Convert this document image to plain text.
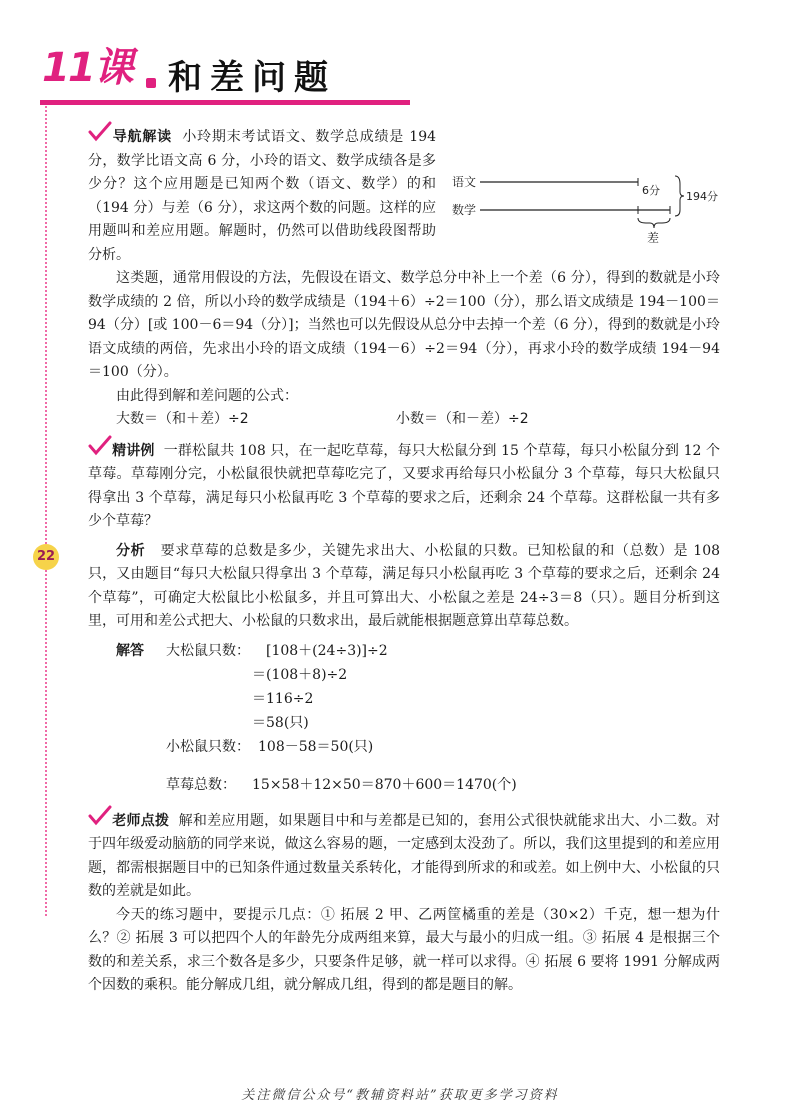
11课	和差问题
22

导航解读 小玲期末考试语文、数学总成绩是 194 分，数学比语文高 6 分，小玲的语文、数学成绩各是多少分？这个应用题是已知两个数（语文、数学）的和（194 分）与差（6 分），求这两个数的问题。这样的应用题叫和差应用题。解题时，仍然可以借助线段图帮助分析。

语文
数学
6分 194分
差

这类题，通常用假设的方法，先假设在语文、数学总分中补上一个差（6 分），得到的数就是小玲数学成绩的 2 倍，所以小玲的数学成绩是（194＋6）÷2＝100（分），那么语文成绩是 194－100＝94（分）[或 100－6＝94（分）]；当然也可以先假设从总分中去掉一个差（6 分），得到的数就是小玲语文成绩的两倍，先求出小玲的语文成绩（194－6）÷2＝94（分），再求小玲的数学成绩 194－94＝100（分）。

由此得到解和差问题的公式：

大数＝（和＋差）÷2	小数＝（和－差）÷2

精讲例 一群松鼠共 108 只，在一起吃草莓，每只大松鼠分到 15 个草莓，每只小松鼠分到 12 个草莓。草莓刚分完，小松鼠很快就把草莓吃完了，又要求再给每只小松鼠分 3 个草莓，每只大松鼠只得拿出 3 个草莓，满足每只小松鼠再吃 3 个草莓的要求之后，还剩余 24 个草莓。这群松鼠一共有多少个草莓？

分析 要求草莓的总数是多少，关键先求出大、小松鼠的只数。已知松鼠的和（总数）是 108 只，又由题目“每只大松鼠只得拿出 3 个草莓，满足每只小松鼠再吃 3 个草莓的要求之后，还剩余 24 个草莓”，可确定大松鼠比小松鼠多，并且可算出大、小松鼠之差是 24÷3＝8（只）。题目分析到这里，可用和差公式把大、小松鼠的只数求出，最后就能根据题意算出草莓总数。

解答 大松鼠只数： [108＋(24÷3)]÷2
＝(108＋8)÷2
＝116÷2
＝58(只)
小松鼠只数： 108－58＝50(只)
草莓总数： 15×58＋12×50＝870＋600＝1470(个)

老师点拨 解和差应用题，如果题目中和与差都是已知的，套用公式很快就能求出大、小二数。对于四年级爱动脑筋的同学来说，做这么容易的题，一定感到太没劲了。所以，我们这里提到的和差应用题，都需根据题目中的已知条件通过数量关系转化，才能得到所求的和或差。如上例中大、小松鼠的只数的差就是如此。

今天的练习题中，要提示几点：① 拓展 2 甲、乙两筐橘重的差是（30×2）千克，想一想为什么？② 拓展 3 可以把四个人的年龄先分成两组来算，最大与最小的归成一组。③ 拓展 4 是根据三个数的和差关系，求三个数各是多少，只要条件足够，就一样可以求得。④ 拓展 6 要将 1991 分解成两个因数的乘积。能分解成几组，就分解成几组，得到的都是题目的解。

关注微信公众号“教辅资料站”获取更多学习资料
